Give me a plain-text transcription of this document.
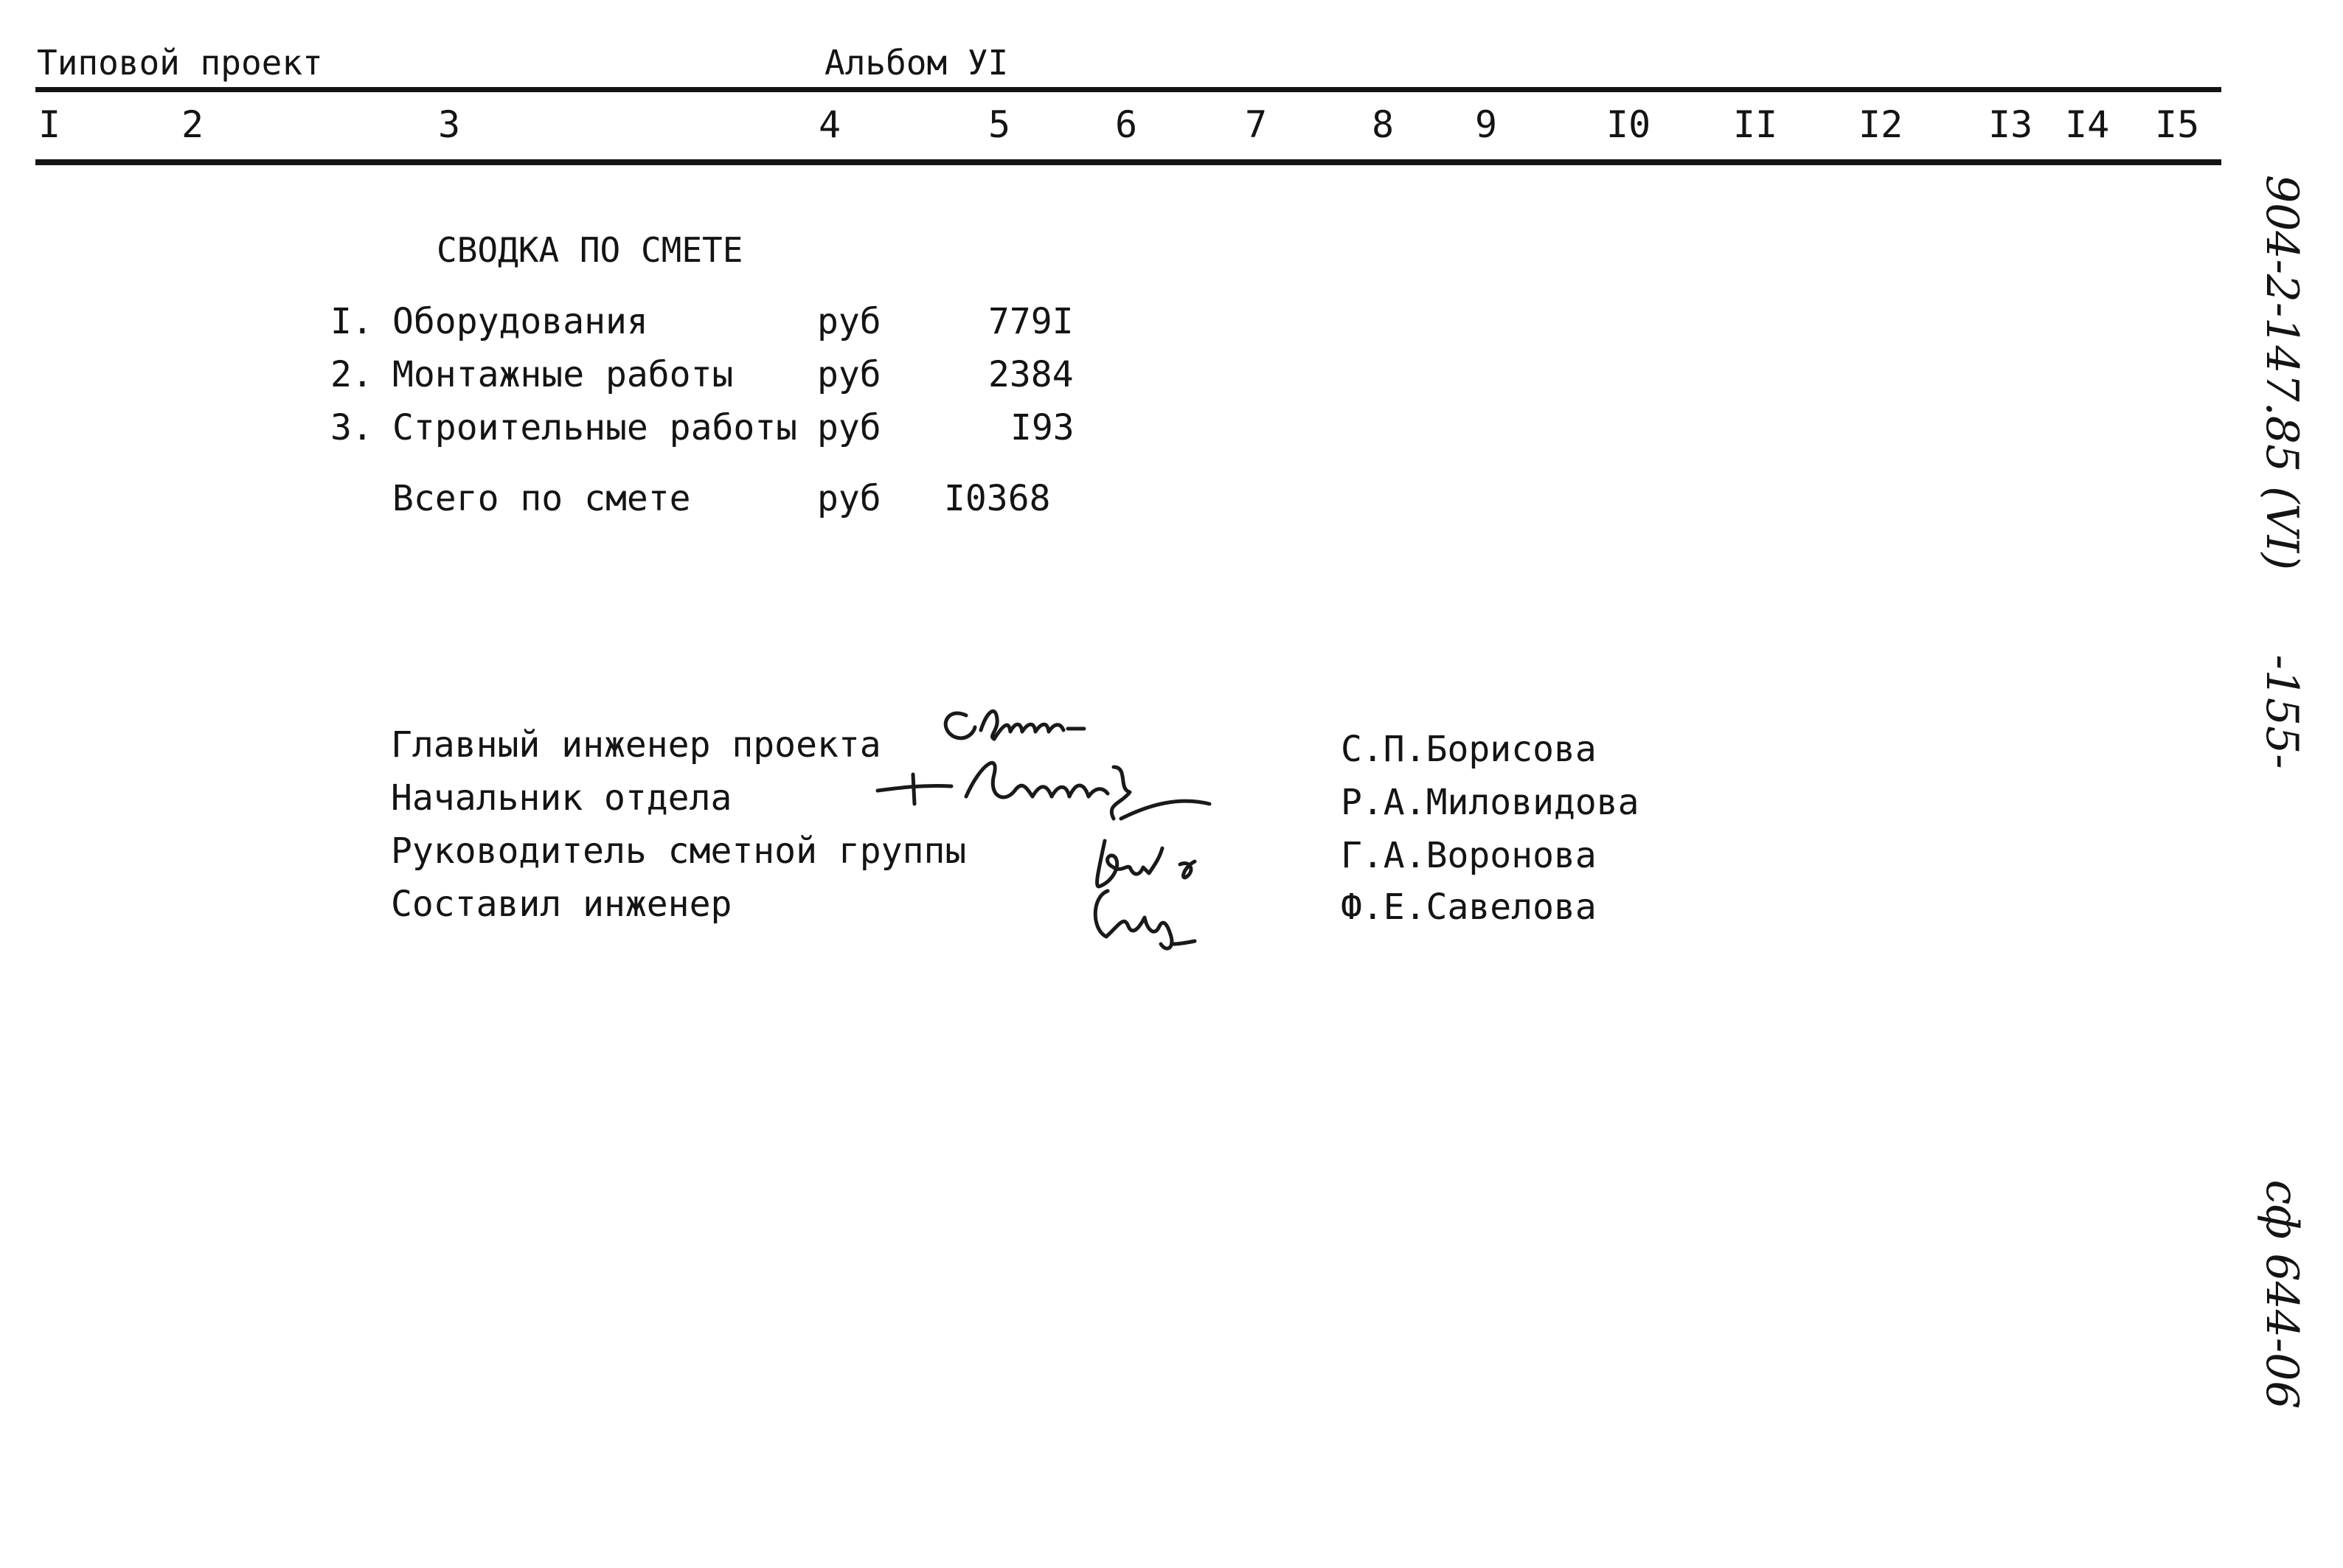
Типовой проект	Альбом УI
I	2	3	4	5	6	7	8 9	I0 II I2 I3 I4 I5
СВОДКА ПО СМЕТЕ
I. Оборудования	руб	779I
2. Монтажные работы руб	2384
3. Строительные работы руб	I93
Всего по смете	руб I0368
Главный инженер проекта	С.П.Борисова
Начальник отдела	Р.А.Миловидова
Руководитель сметной группы	Г.А.Воронова
Составил инженер	Ф.Е.Савелова
904-2-147.85 (VI)
-155-
сф 644-06
